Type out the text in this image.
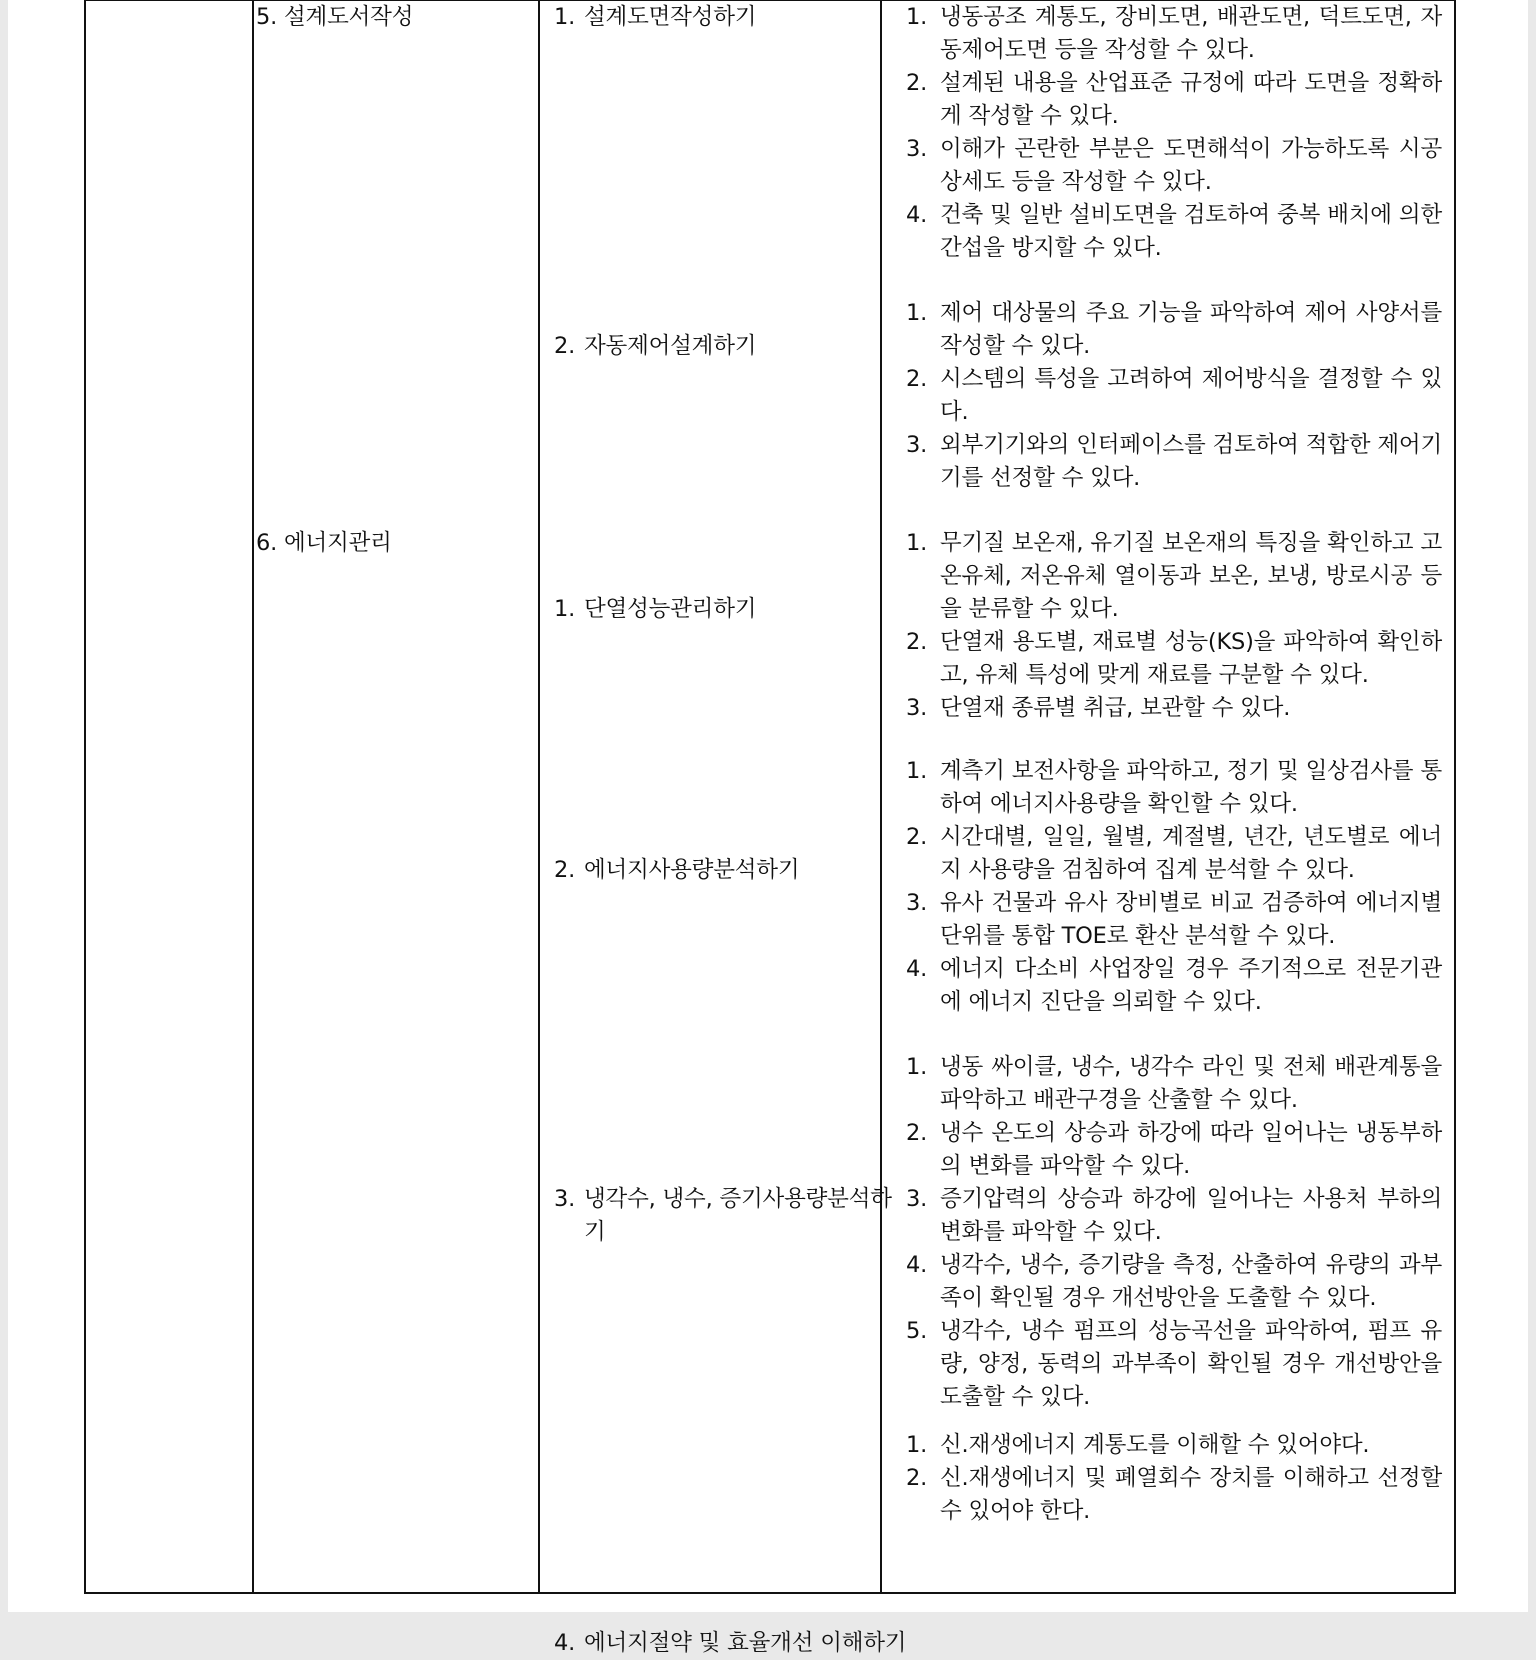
5. 설계도서작성	1. 설계도면작성하기	1. 냉동공조 계통도, 장비도면, 배관도면, 덕트도면, 자동제어도면 등을 작성할 수 있다.
2. 설계된 내용을 산업표준 규정에 따라 도면을 정확하게 작성할 수 있다.
3. 이해가 곤란한 부분은 도면해석이 가능하도록 시공상세도 등을 작성할 수 있다.
4. 건축 및 일반 설비도면을 검토하여 중복 배치에 의한 간섭을 방지할 수 있다.
2. 자동제어설계하기
1. 제어 대상물의 주요 기능을 파악하여 제어 사양서를 작성할 수 있다.
2. 시스템의 특성을 고려하여 제어방식을 결정할 수 있다.
3. 외부기기와의 인터페이스를 검토하여 적합한 제어기기를 선정할 수 있다.
6. 에너지관리
1. 단열성능관리하기
1. 무기질 보온재, 유기질 보온재의 특징을 확인하고 고온유체, 저온유체 열이동과 보온, 보냉, 방로시공 등을 분류할 수 있다.
2. 단열재 용도별, 재료별 성능(KS)을 파악하여 확인하고, 유체 특성에 맞게 재료를 구분할 수 있다.
3. 단열재 종류별 취급, 보관할 수 있다.
2. 에너지사용량분석하기
1. 계측기 보전사항을 파악하고, 정기 및 일상검사를 통하여 에너지사용량을 확인할 수 있다.
2. 시간대별, 일일, 월별, 계절별, 년간, 년도별로 에너지 사용량을 검침하여 집계 분석할 수 있다.
3. 유사 건물과 유사 장비별로 비교 검증하여 에너지별 단위를 통합 TOE로 환산 분석할 수 있다.
4. 에너지 다소비 사업장일 경우 주기적으로 전문기관에 에너지 진단을 의뢰할 수 있다.
3. 냉각수, 냉수, 증기사용량분석하
기
1. 냉동 싸이클, 냉수, 냉각수 라인 및 전체 배관계통을 파악하고 배관구경을 산출할 수 있다.
2. 냉수 온도의 상승과 하강에 따라 일어나는 냉동부하의 변화를 파악할 수 있다.
3. 증기압력의 상승과 하강에 일어나는 사용처 부하의 변화를 파악할 수 있다.
4. 냉각수, 냉수, 증기량을 측정, 산출하여 유량의 과부족이 확인될 경우 개선방안을 도출할 수 있다.
5. 냉각수, 냉수 펌프의 성능곡선을 파악하여, 펌프 유량, 양정, 동력의 과부족이 확인될 경우 개선방안을 도출할 수 있다.
4. 에너지절약 및 효율개선 이해하기
1. 신.재생에너지 계통도를 이해할 수 있어야다.
2. 신.재생에너지 및 폐열회수 장치를 이해하고 선정할 수 있어야 한다.
